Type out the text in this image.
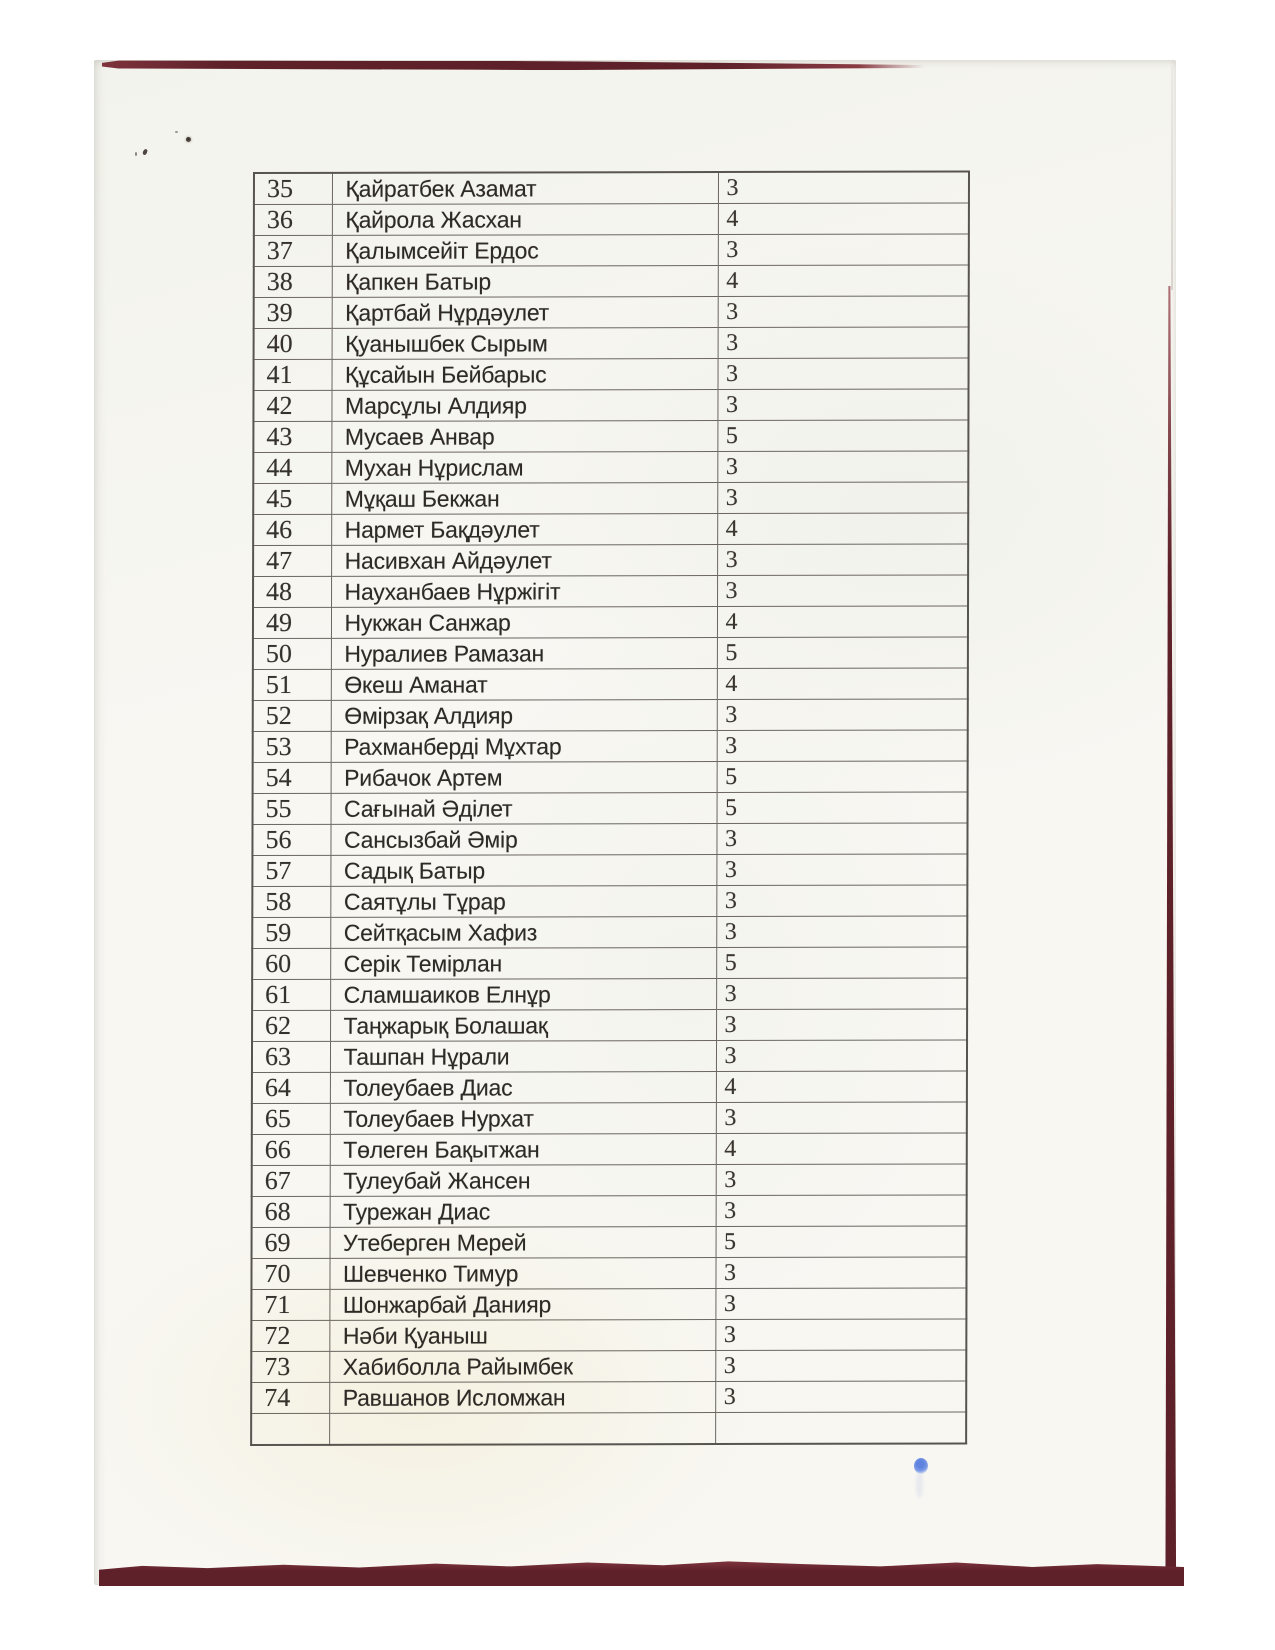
35	Қайратбек Азамат	3
36	Қайрола Жасхан	4
37	Қалымсейіт Ердос	3
38	Қапкен Батыр	4
39	Қартбай Нұрдәулет	3
40	Қуанышбек Сырым	3
41	Құсайын Бейбарыс	3
42	Марсұлы Алдияр	3
43	Мусаев Анвар	5
44	Мухан Нұрислам	3
45	Мұқаш Бекжан	3
46	Нармет Бақдәулет	4
47	Насивхан Айдәулет	3
48	Науханбаев Нұржігіт	3
49	Нукжан Санжар	4
50	Нуралиев Рамазан	5
51	Өкеш Аманат	4
52	Өмірзақ Алдияр	3
53	Рахманберді Мұхтар	3
54	Рибачок Артем	5
55	Сағынай Әділет	5
56	Сансызбай Әмір	3
57	Садық Батыр	3
58	Саятұлы Тұрар	3
59	Сейтқасым Хафиз	3
60	Серік Темірлан	5
61	Сламшаиков Елнұр	3
62	Таңжарық Болашақ	3
63	Ташпан Нұрали	3
64	Толеубаев Диас	4
65	Толеубаев Нурхат	3
66	Төлеген Бақытжан	4
67	Тулеубай Жансен	3
68	Турежан Диас	3
69	Утеберген Мерей	5
70	Шевченко Тимур	3
71	Шонжарбай Данияр	3
72	Нәби Қуаныш	3
73	Хабиболла Райымбек	3
74	Равшанов Исломжан	3
